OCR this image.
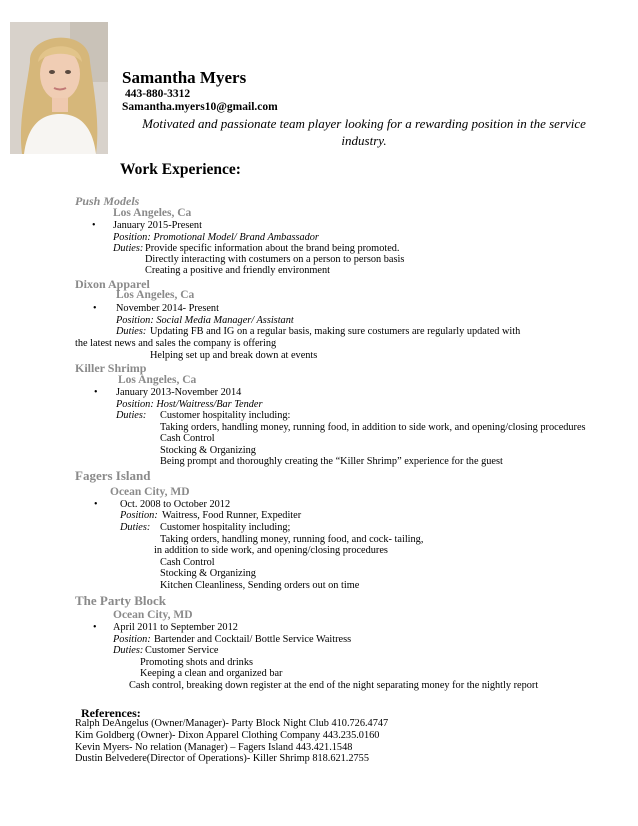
Samantha Myers
443-880-3312
Samantha.myers10@gmail.com
Motivated and passionate team player looking for a rewarding position in the service industry.
Work Experience:
Push Models
Los Angeles, Ca
• January 2015-Present
Position: Promotional Model/ Brand Ambassador
Duties: Provide specific information about the brand being promoted.
Directly interacting with costumers on a person to person basis
Creating a positive and friendly environment
Dixon Apparel
Los Angeles, Ca
• November 2014- Present
Position: Social Media Manager/ Assistant
Duties: Updating FB and IG on a regular basis, making sure costumers are regularly updated with
the latest news and sales the company is offering
Helping set up and break down at events
Killer Shrimp
Los Angeles, Ca
• January 2013-November 2014
Position: Host/Waitress/Bar Tender
Duties: Customer hospitality including:
Taking orders, handling money, running food, in addition to side work, and opening/closing procedures
Cash Control
Stocking & Organizing
Being prompt and thoroughly creating the “Killer Shrimp” experience for the guest
Fagers Island
Ocean City, MD
• Oct. 2008 to October 2012
Position: Waitress, Food Runner, Expediter
Duties: Customer hospitality including;
Taking orders, handling money, running food, and cock- tailing,
in addition to side work, and opening/closing procedures
Cash Control
Stocking & Organizing
Kitchen Cleanliness, Sending orders out on time
The Party Block
Ocean City, MD
• April 2011 to September 2012
Position: Bartender and Cocktail/ Bottle Service Waitress
Duties: Customer Service
Promoting shots and drinks
Keeping a clean and organized bar
Cash control, breaking down register at the end of the night separating money for the nightly report
References:
Ralph DeAngelus (Owner/Manager)- Party Block Night Club 410.726.4747
Kim Goldberg (Owner)- Dixon Apparel Clothing Company 443.235.0160
Kevin Myers- No relation (Manager) – Fagers Island 443.421.1548
Dustin Belvedere(Director of Operations)- Killer Shrimp 818.621.2755
